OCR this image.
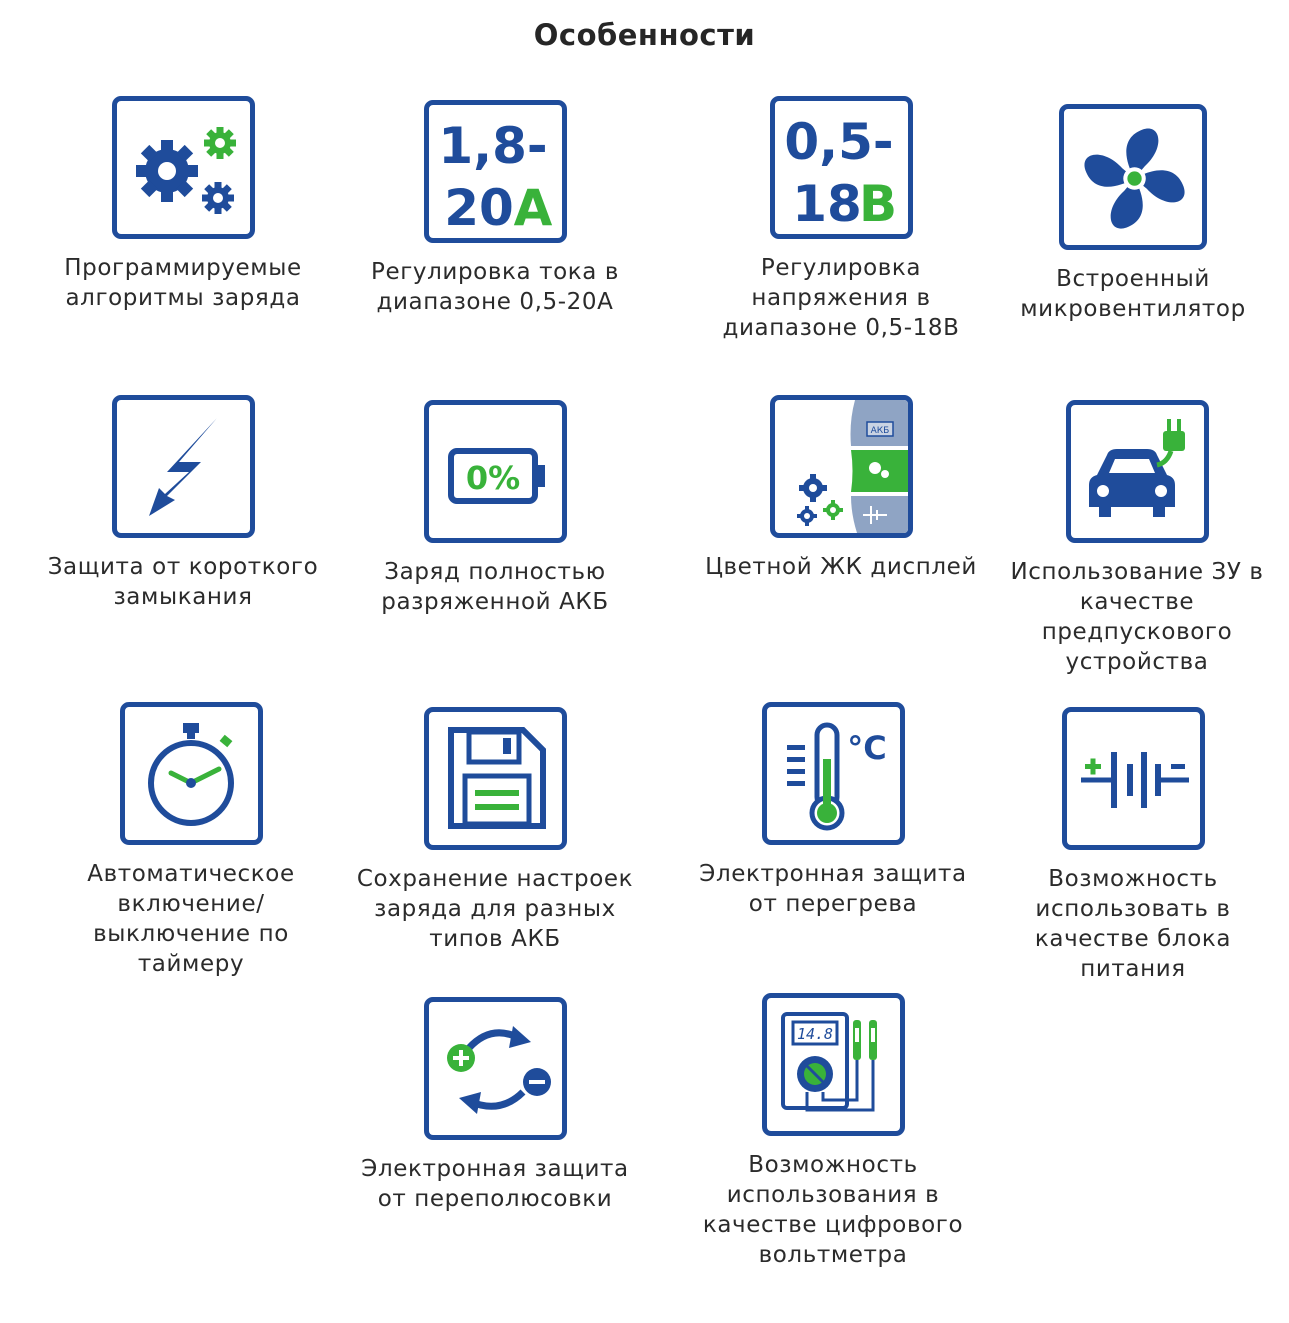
Особенности
Программируемые
алгоритмы заряда
1,8-
20 A
Регулировка тока в
диапазоне 0,5-20А
0,5-
18
B
Регулировка
напряжения в
диапазоне 0,5-18В
Встроенный
микровентилятор
Защита от короткого
замыкания
0%
Заряд полностью
разряженной АКБ
АКБ
Цветной ЖК дисплей Использование ЗУ в
качестве
предпускового
устройства
Автоматическое
включение/
выключение по
таймеру
Сохранение настроек
заряда для разных
типов АКБ
°C
Электронная защита
от перегрева
Возможность
использовать в
качестве блока
питания
Электронная защита
от переполюсовки
14.8
Возможность
использования в
качестве цифрового
вольтметра
